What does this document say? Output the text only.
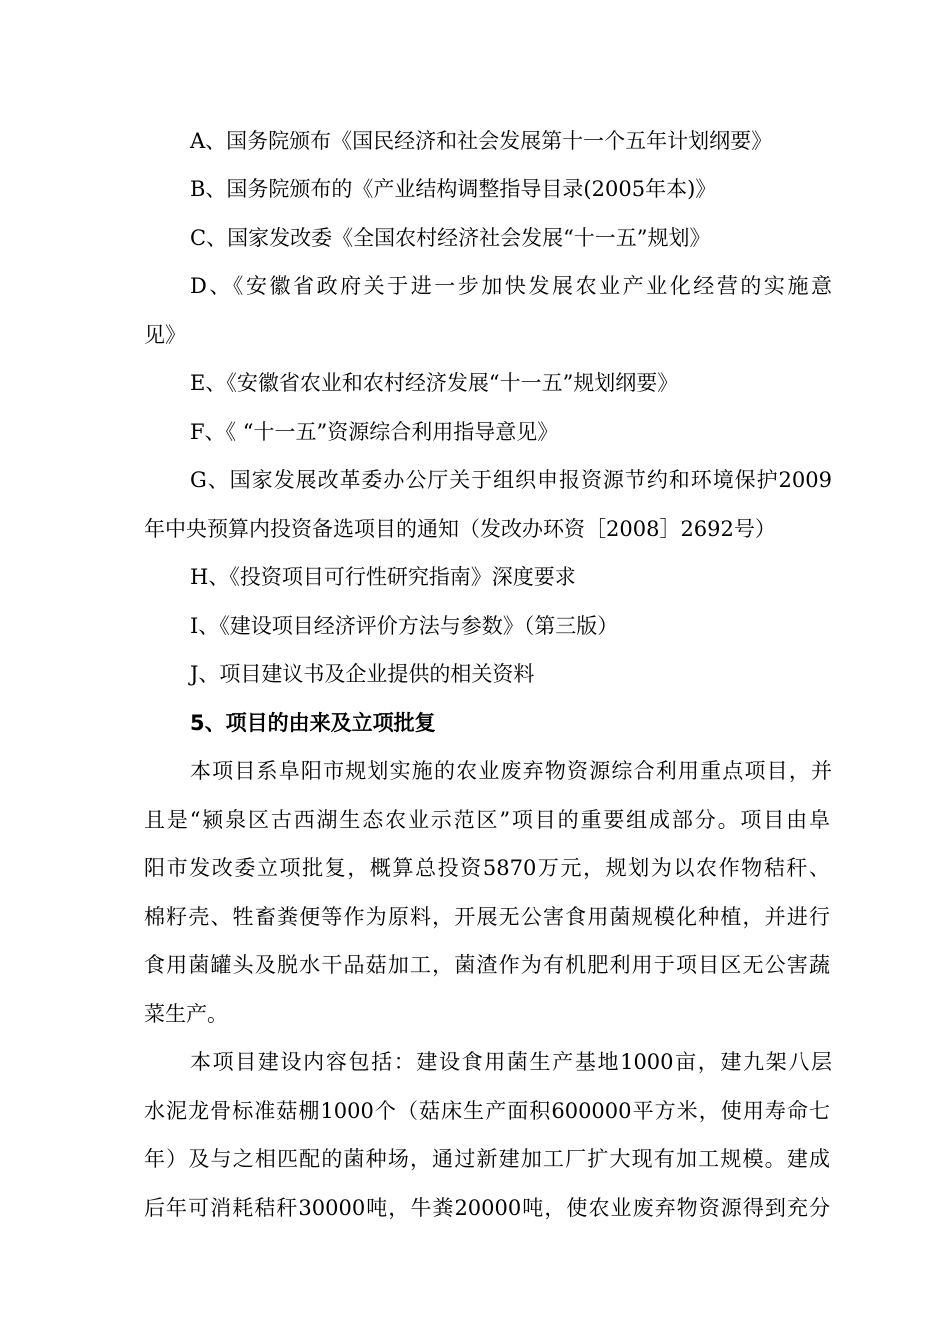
A、国务院颁布《国民经济和社会发展第十一个五年计划纲要》
B、国务院颁布的《产业结构调整指导目录(2005年本)》
C、国家发改委《全国农村经济社会发展“十一五”规划》
D、《安徽省政府关于进一步加快发展农业产业化经营的实施意
见》
E、《安徽省农业和农村经济发展“十一五”规划纲要》
F、《 “十一五”资源综合利用指导意见》
G、国家发展改革委办公厅关于组织申报资源节约和环境保护2009
年中央预算内投资备选项目的通知（发改办环资［2008］2692号）
H、《投资项目可行性研究指南》深度要求
I、《建设项目经济评价方法与参数》（第三版）
J、项目建议书及企业提供的相关资料
5、项目的由来及立项批复
本项目系阜阳市规划实施的农业废弃物资源综合利用重点项目，并
且是“颍泉区古西湖生态农业示范区”项目的重要组成部分。项目由阜
阳市发改委立项批复，概算总投资5870万元，规划为以农作物秸秆、
棉籽壳、牲畜粪便等作为原料，开展无公害食用菌规模化种植，并进行
食用菌罐头及脱水干品菇加工，菌渣作为有机肥利用于项目区无公害蔬
菜生产。
本项目建设内容包括：建设食用菌生产基地1000亩，建九架八层
水泥龙骨标准菇棚1000个（菇床生产面积600000平方米，使用寿命七
年）及与之相匹配的菌种场，通过新建加工厂扩大现有加工规模。建成
后年可消耗秸秆30000吨，牛粪20000吨，使农业废弃物资源得到充分
